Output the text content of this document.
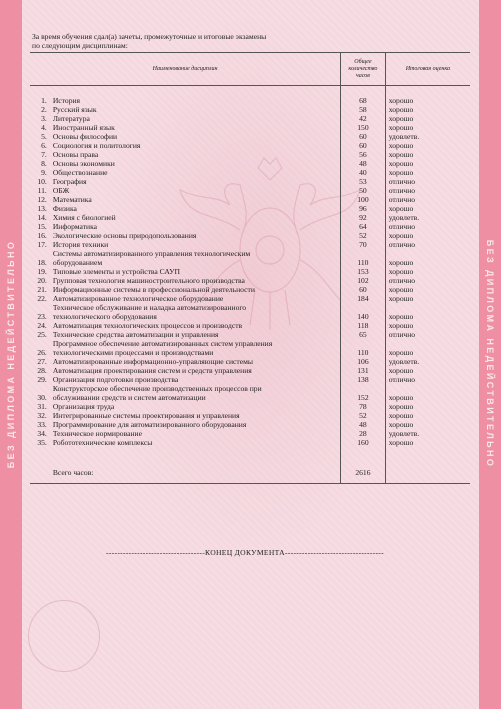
БЕЗ ДИПЛОМА НЕДЕЙСТВИТЕЛЬНО	БЕЗ ДИПЛОМА НЕДЕЙСТВИТЕЛЬНО
За время обучения сдал(а) зачеты, промежуточные и итоговые экзамены
по следующим дисциплинам:
Наименование дисциплин		Общее количество часов	Итоговая оценка

1.	История	68	хорошо
2.	Русский язык	58	хорошо
3.	Литература	42	хорошо
4.	Иностранный язык	150	хорошо
5.	Основы философии	60	удовлетв.
6.	Социология и политология	60	хорошо
7.	Основы права	56	хорошо
8.	Основы экономики	48	хорошо
9.	Обществознание	40	хорошо
10.	География	53	отлично
11.	ОБЖ	50	отлично
12.	Математика	100	отлично
13.	Физика	96	хорошо
14.	Химия с биологией	92	удовлетв.
15.	Информатика	64	отлично
16.	Экологические основы природопользования	52	хорошо
17.	История техники	70	отлично
18.	Системы автоматизированного управления технологическим
оборудованием	110	хорошо
19.	Типовые элементы и устройства САУП	153	хорошо
20.	Групповая технология машиностроительного производства	102	отлично
21.	Информационные системы в профессиональной деятельности	60	хорошо
22.	Автоматизированное технологическое оборудование	184	хорошо
23.	Техническое обслуживание и наладка автоматизированного
технологического оборудования	140	хорошо
24.	Автоматизация технологических процессов и производств	118	хорошо
25.	Технические средства автоматизации и управления	65	отлично
26.	Программное обеспечение автоматизированных систем управления
технологическими процессами и производствами	110	хорошо
27.	Автоматизированные информационно-управляющие системы	106	удовлетв.
28.	Автоматизация проектирования систем и средств управления	131	хорошо
29.	Организация подготовки производства	138	отлично
30.	Конструкторское обеспечение производственных процессов при
обслуживании средств и систем автоматизации	152	хорошо
31.	Организация труда	78	хорошо
32.	Интегрированные системы проектирования и управления	52	хорошо
33.	Программирование для автоматизированного оборудования	48	хорошо
34.	Техническое нормирование	28	удовлетв.
35.	Робототехнические комплексы	160	хорошо

	Всего часов:	2616	
-----------------------------------КОНЕЦ ДОКУМЕНТА-----------------------------------
